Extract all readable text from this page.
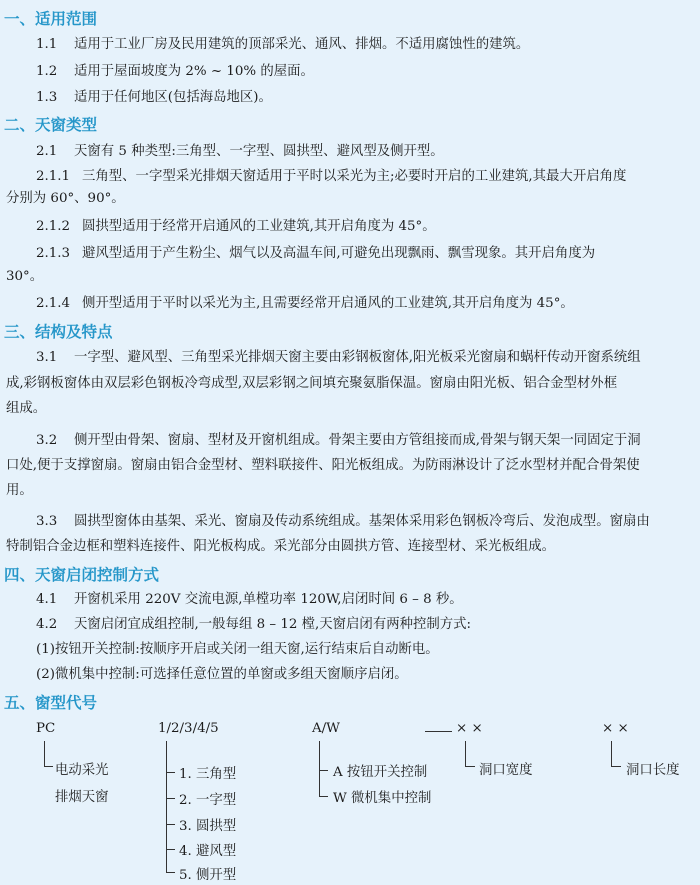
一、适用范围
1.1 适用于工业厂房及民用建筑的顶部采光、通风、排烟。不适用腐蚀性的建筑。
1.2 适用于屋面坡度为 2% ~ 10% 的屋面。
1.3 适用于任何地区(包括海岛地区)。
二、天窗类型
2.1 天窗有 5 种类型:三角型、一字型、圆拱型、避风型及侧开型。
2.1.1 三角型、一字型采光排烟天窗适用于平时以采光为主;必要时开启的工业建筑,其最大开启角度
分别为 60°、90°。
2.1.2 圆拱型适用于经常开启通风的工业建筑,其开启角度为 45°。
2.1.3 避风型适用于产生粉尘、烟气以及高温车间,可避免出现飘雨、飘雪现象。其开启角度为
30°。
2.1.4 侧开型适用于平时以采光为主,且需要经常开启通风的工业建筑,其开启角度为 45°。
三、结构及特点
3.1 一字型、避风型、三角型采光排烟天窗主要由彩钢板窗体,阳光板采光窗扇和蜗杆传动开窗系统组
成,彩钢板窗体由双层彩色钢板冷弯成型,双层彩钢之间填充聚氨脂保温。窗扇由阳光板、铝合金型材外框
组成。
3.2 侧开型由骨架、窗扇、型材及开窗机组成。骨架主要由方管组接而成,骨架与钢天架一同固定于洞
口处,便于支撑窗扇。窗扇由铝合金型材、塑料联接件、阳光板组成。为防雨淋设计了泛水型材并配合骨架使
用。
3.3 圆拱型窗体由基架、采光、窗扇及传动系统组成。基架体采用彩色钢板冷弯后、发泡成型。窗扇由
特制铝合金边框和塑料连接件、阳光板构成。采光部分由圆拱方管、连接型材、采光板组成。
四、天窗启闭控制方式
4.1 开窗机采用 220V 交流电源,单樘功率 120W,启闭时间 6 – 8 秒。
4.2 天窗启闭宜成组控制,一般每组 8 – 12 樘,天窗启闭有两种控制方式:
(1)按钮开关控制:按顺序开启或关闭一组天窗,运行结束后自动断电。
(2)微机集中控制:可选择任意位置的单窗或多组天窗顺序启闭。
五、窗型代号
PC
电动采光
排烟天窗
1/2/3/4/5
1. 三角型
2. 一字型
3. 圆拱型
4. 避风型
5. 侧开型
A/W
A 按钮开关控制
W 微机集中控制
× ×
洞口宽度
× ×
洞口长度
